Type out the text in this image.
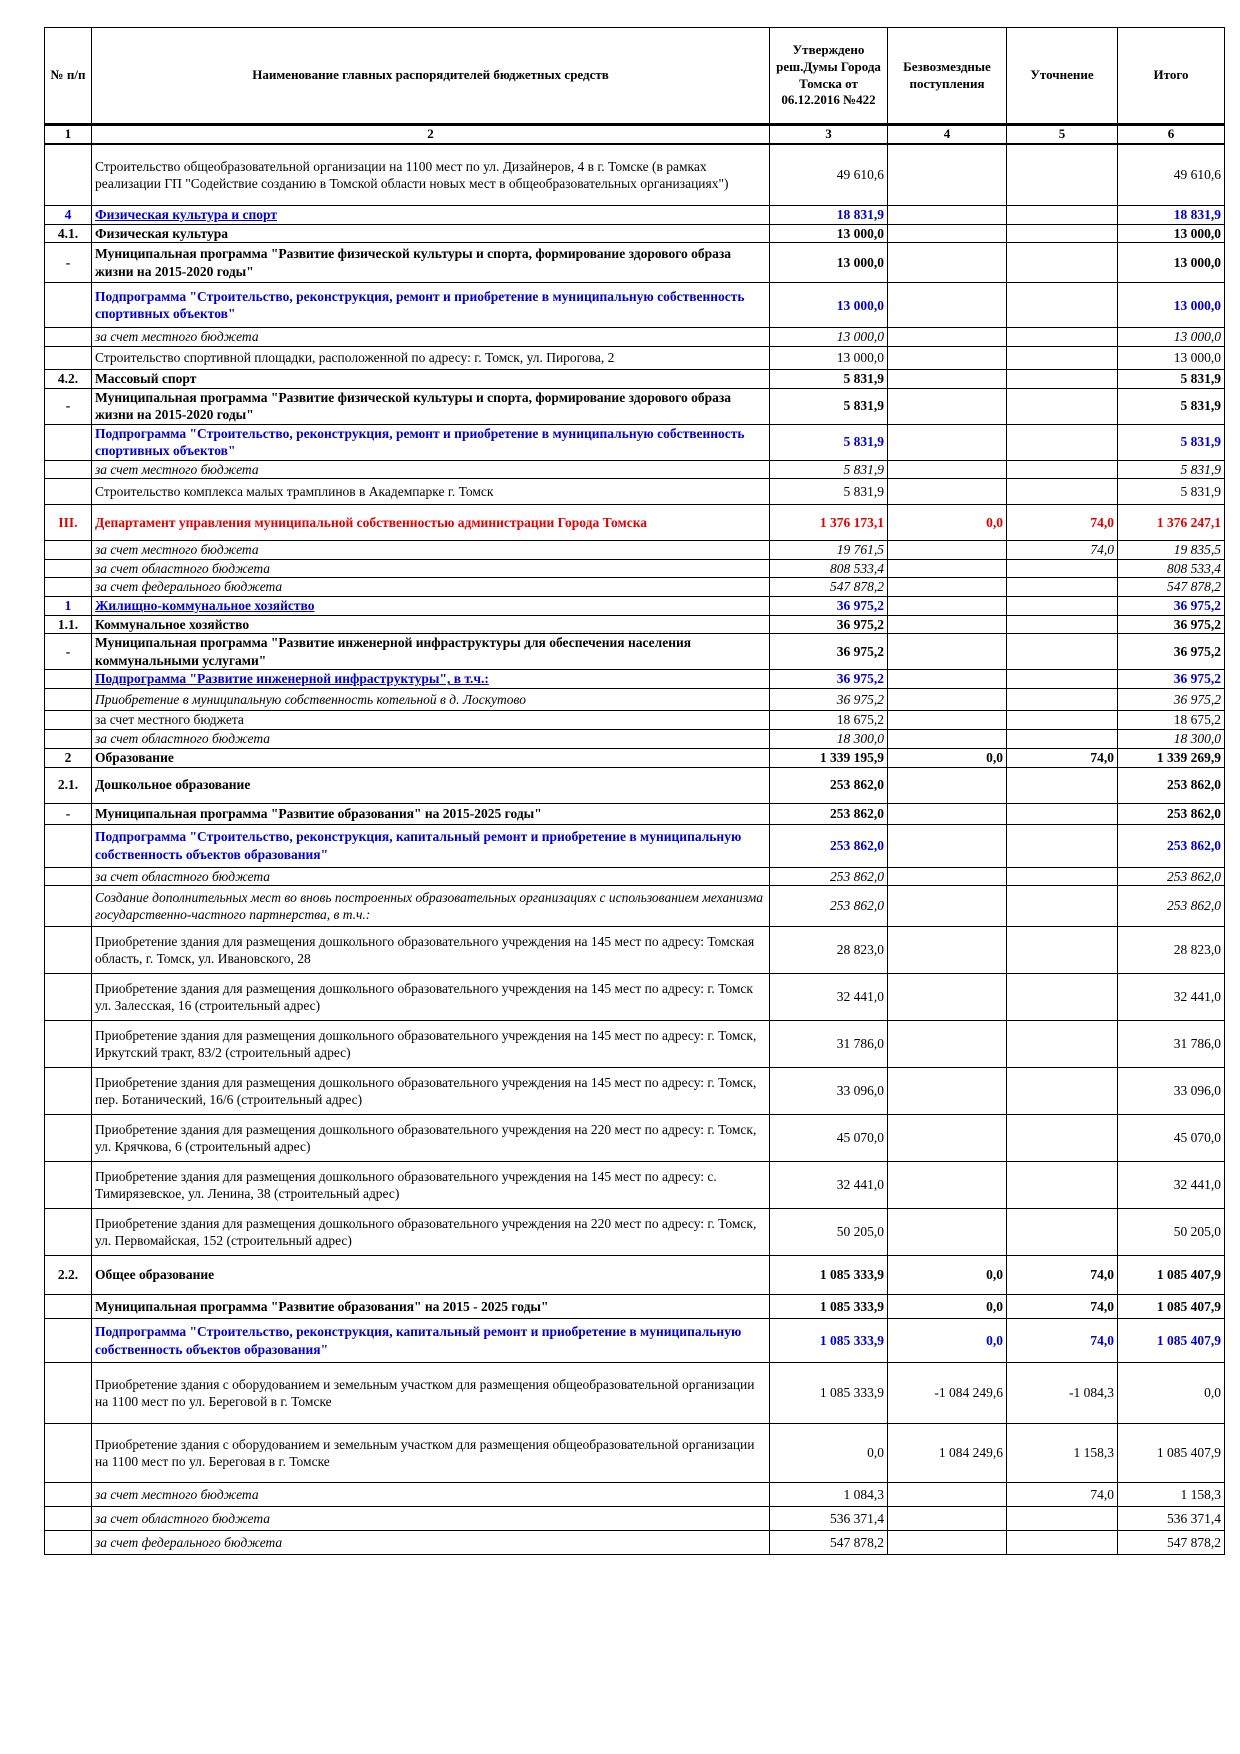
№ п/п	Наименование главных распорядителей бюджетных средств	Утверждено реш.Думы Города Томска от 06.12.2016 №422	Безвозмездные поступления	Уточнение	Итого
1	2	3	4	5	6
	Строительство общеобразовательной организации на 1100 мест по ул. Дизайнеров, 4 в г. Томске (в рамках реализации ГП "Содействие созданию в Томской области новых мест в общеобразовательных организациях")	49 610,6			49 610,6
4	Физическая культура и спорт	18 831,9			18 831,9
4.1.	Физическая культура	13 000,0			13 000,0
-	Муниципальная программа "Развитие физической культуры и спорта, формирование здорового образа жизни на 2015-2020 годы"	13 000,0			13 000,0
	Подпрограмма "Строительство, реконструкция, ремонт и приобретение в муниципальную собственность спортивных объектов"	13 000,0			13 000,0
	за счет местного бюджета	13 000,0			13 000,0
	Строительство спортивной площадки, расположенной по адресу: г. Томск, ул. Пирогова, 2	13 000,0			13 000,0
4.2.	Массовый спорт	5 831,9			5 831,9
-	Муниципальная программа "Развитие физической культуры и спорта, формирование здорового образа жизни на 2015-2020 годы"	5 831,9			5 831,9
	Подпрограмма "Строительство, реконструкция, ремонт и приобретение в муниципальную собственность спортивных объектов"	5 831,9			5 831,9
	за счет местного бюджета	5 831,9			5 831,9
	Строительство комплекса малых трамплинов в Академпарке г. Томск	5 831,9			5 831,9
III.	Департамент управления муниципальной собственностью администрации Города Томска	1 376 173,1	0,0	74,0	1 376 247,1
	за счет местного бюджета	19 761,5		74,0	19 835,5
	за счет областного бюджета	808 533,4			808 533,4
	за счет федерального бюджета	547 878,2			547 878,2
1	Жилищно-коммунальное хозяйство	36 975,2			36 975,2
1.1.	Коммунальное хозяйство	36 975,2			36 975,2
-	Муниципальная программа "Развитие инженерной инфраструктуры для обеспечения населения коммунальными услугами"	36 975,2			36 975,2
	Подпрограмма "Развитие инженерной инфраструктуры", в т.ч.:	36 975,2			36 975,2
	Приобретение в муниципальную собственность котельной в д. Лоскутово	36 975,2			36 975,2
	за счет местного бюджета	18 675,2			18 675,2
	за счет областного бюджета	18 300,0			18 300,0
2	Образование	1 339 195,9	0,0	74,0	1 339 269,9
2.1.	Дошкольное образование	253 862,0			253 862,0
-	Муниципальная программа "Развитие образования" на 2015-2025 годы"	253 862,0			253 862,0
	Подпрограмма "Строительство, реконструкция, капитальный ремонт и приобретение в муниципальную собственность объектов образования"	253 862,0			253 862,0
	за счет областного бюджета	253 862,0			253 862,0
	Создание дополнительных мест во вновь построенных образовательных организациях с использованием механизма государственно-частного партнерства, в т.ч.:	253 862,0			253 862,0
	Приобретение здания для размещения дошкольного образовательного учреждения на 145 мест по адресу: Томская область, г. Томск, ул. Ивановского, 28	28 823,0			28 823,0
	Приобретение здания для размещения дошкольного образовательного учреждения на 145 мест по адресу: г. Томск ул. Залесская, 16 (строительный адрес)	32 441,0			32 441,0
	Приобретение здания для размещения дошкольного образовательного учреждения на 145 мест по адресу: г. Томск, Иркутский тракт, 83/2 (строительный адрес)	31 786,0			31 786,0
	Приобретение здания для размещения дошкольного образовательного учреждения на 145 мест по адресу: г. Томск, пер. Ботанический, 16/6 (строительный адрес)	33 096,0			33 096,0
	Приобретение здания для размещения дошкольного образовательного учреждения на 220 мест по адресу: г. Томск, ул. Крячкова, 6 (строительный адрес)	45 070,0			45 070,0
	Приобретение здания для размещения дошкольного образовательного учреждения на 145 мест по адресу: с. Тимирязевское, ул. Ленина, 38 (строительный адрес)	32 441,0			32 441,0
	Приобретение здания для размещения дошкольного образовательного учреждения на 220 мест по адресу: г. Томск, ул. Первомайская, 152 (строительный адрес)	50 205,0			50 205,0
2.2.	Общее образование	1 085 333,9	0,0	74,0	1 085 407,9
	Муниципальная программа "Развитие образования" на 2015 - 2025 годы"	1 085 333,9	0,0	74,0	1 085 407,9
	Подпрограмма "Строительство, реконструкция, капитальный ремонт и приобретение в муниципальную собственность объектов образования"	1 085 333,9	0,0	74,0	1 085 407,9
	Приобретение здания с оборудованием и земельным участком для размещения общеобразовательной организации на 1100 мест по ул. Береговой в г. Томске	1 085 333,9	-1 084 249,6	-1 084,3	0,0
	Приобретение здания с оборудованием и земельным участком для размещения общеобразовательной организации на 1100 мест по ул. Береговая в г. Томске	0,0	1 084 249,6	1 158,3	1 085 407,9
	за счет местного бюджета	1 084,3		74,0	1 158,3
	за счет областного бюджета	536 371,4			536 371,4
	за счет федерального бюджета	547 878,2			547 878,2
